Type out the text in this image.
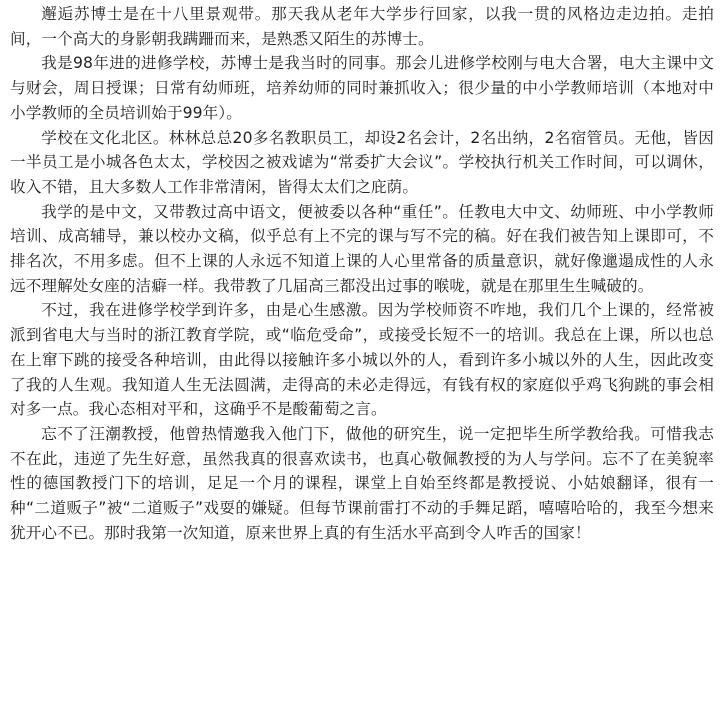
邂逅苏博士是在十八里景观带。那天我从老年大学步行回家，以我一贯的风格边走边拍。走拍间，一个高大的身影朝我蹒跚而来，是熟悉又陌生的苏博士。

我是98年进的进修学校，苏博士是我当时的同事。那会儿进修学校刚与电大合署，电大主课中文与财会，周日授课；日常有幼师班，培养幼师的同时兼抓收入；很少量的中小学教师培训（本地对中小学教师的全员培训始于99年）。

学校在文化北区。林林总总20多名教职员工，却设2名会计，2名出纳，2名宿管员。无他，皆因一半员工是小城各色太太，学校因之被戏谑为“常委扩大会议”。学校执行机关工作时间，可以调休，收入不错，且大多数人工作非常清闲，皆得太太们之庇荫。

我学的是中文，又带教过高中语文，便被委以各种“重任”。任教电大中文、幼师班、中小学教师培训、成高辅导，兼以校办文稿，似乎总有上不完的课与写不完的稿。好在我们被告知上课即可，不排名次，不用多虑。但不上课的人永远不知道上课的人心里常备的质量意识，就好像邋遢成性的人永远不理解处女座的洁癖一样。我带教了几届高三都没出过事的喉咙，就是在那里生生喊破的。

不过，我在进修学校学到许多，由是心生感激。因为学校师资不咋地，我们几个上课的，经常被派到省电大与当时的浙江教育学院，或“临危受命”，或接受长短不一的培训。我总在上课，所以也总在上窜下跳的接受各种培训，由此得以接触许多小城以外的人，看到许多小城以外的人生，因此改变了我的人生观。我知道人生无法圆满，走得高的未必走得远，有钱有权的家庭似乎鸡飞狗跳的事会相对多一点。我心态相对平和，这确乎不是酸葡萄之言。

忘不了汪潮教授，他曾热情邀我入他门下，做他的研究生，说一定把毕生所学教给我。可惜我志不在此，违逆了先生好意，虽然我真的很喜欢读书，也真心敬佩教授的为人与学问。忘不了在美貌率性的德国教授门下的培训，足足一个月的课程，课堂上自始至终都是教授说、小姑娘翻译，很有一种“二道贩子”被“二道贩子”戏耍的嫌疑。但每节课前雷打不动的手舞足蹈，嘻嘻哈哈的，我至今想来犹开心不已。那时我第一次知道，原来世界上真的有生活水平高到令人咋舌的国家！
